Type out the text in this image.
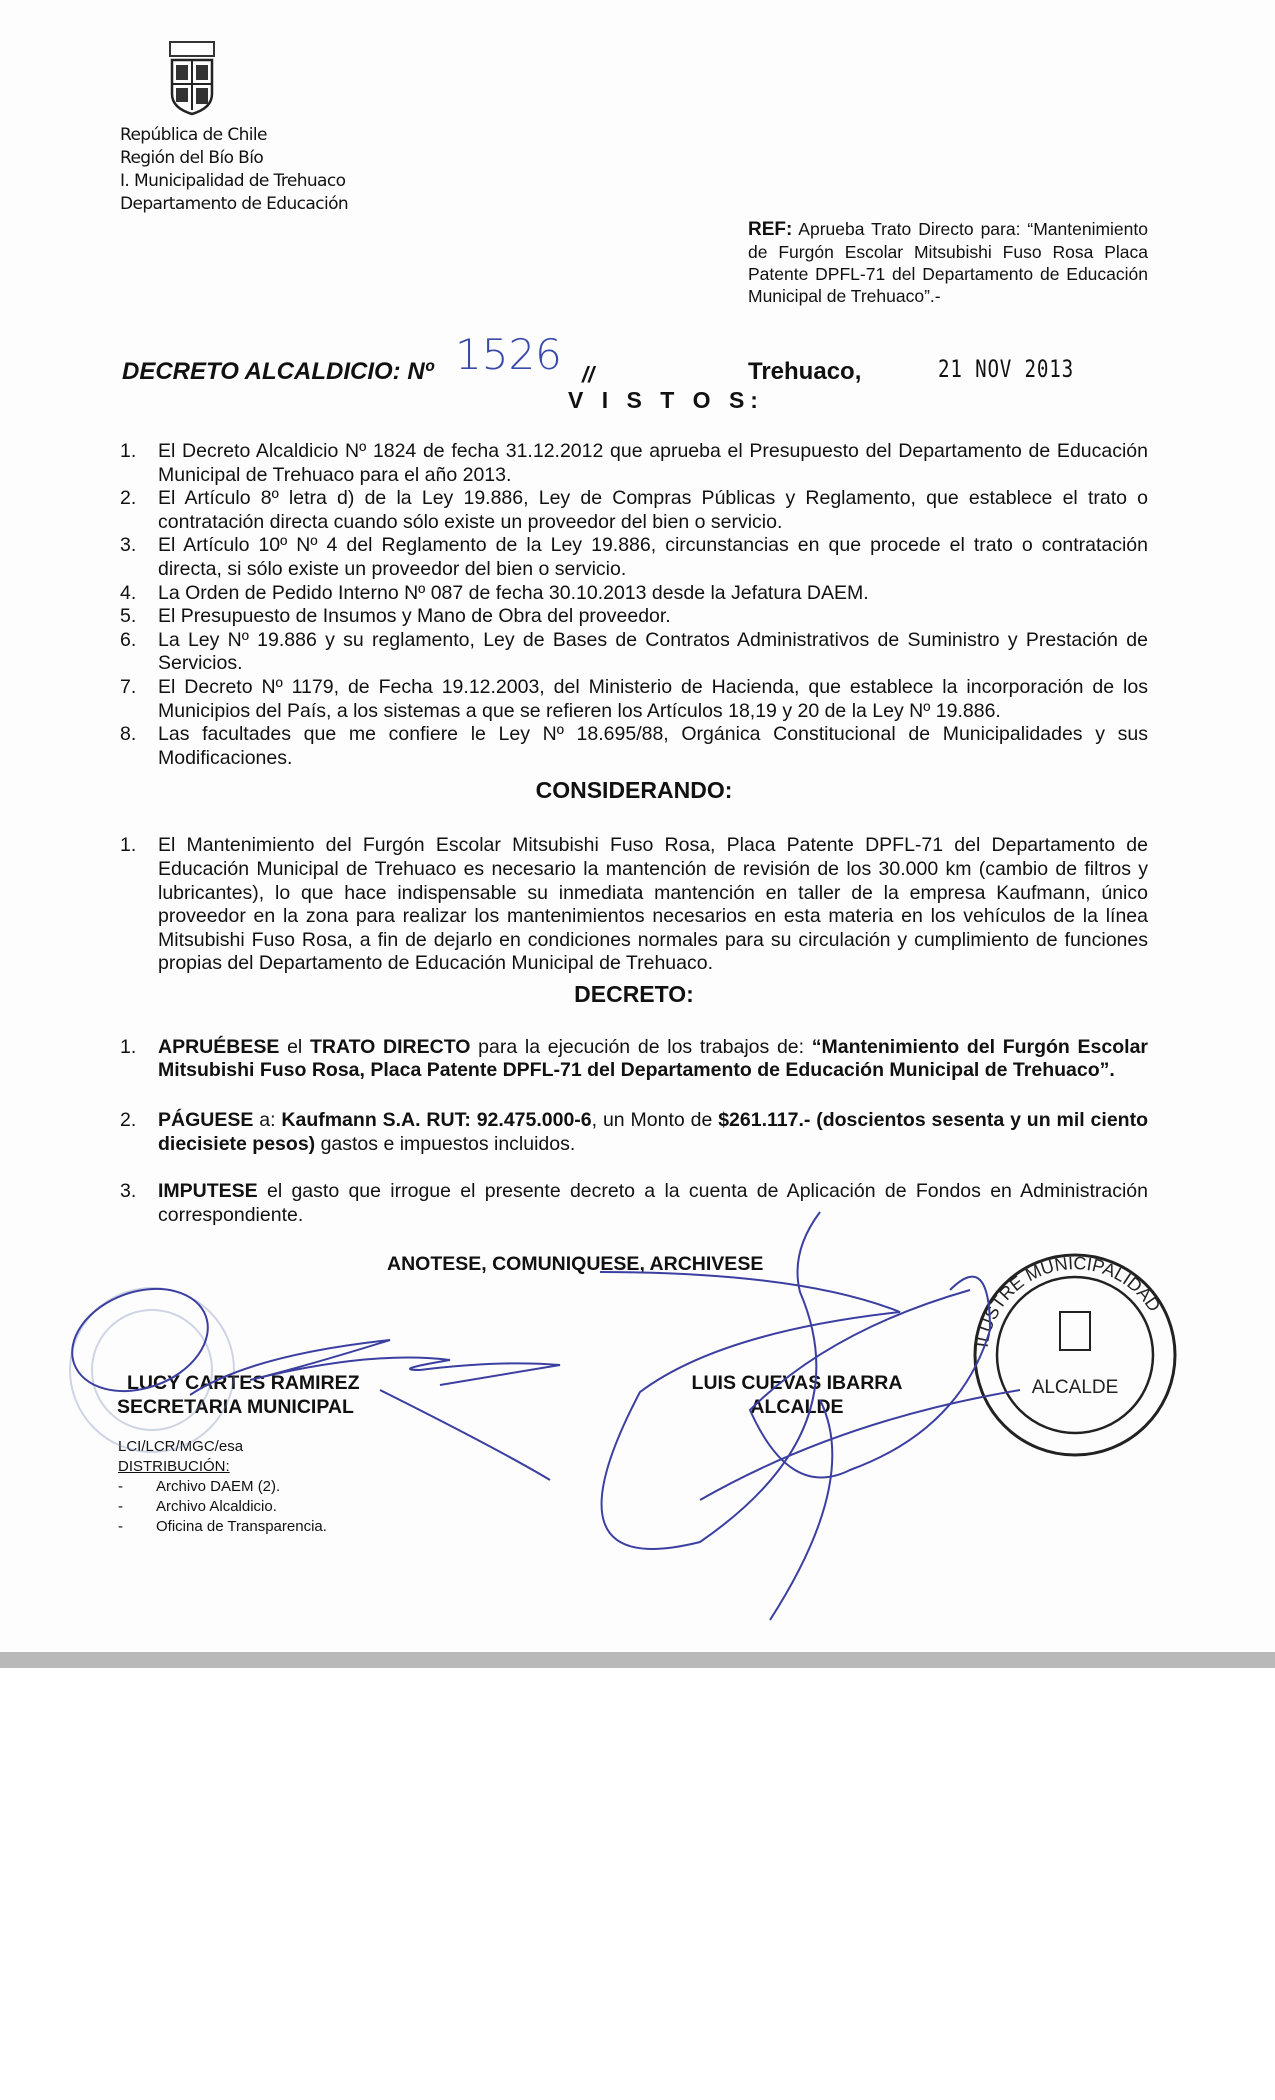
República de Chile
Región del Bío Bío
I. Municipalidad de Trehuaco
Departamento de Educación
REF: Aprueba Trato Directo para: “Mantenimiento de Furgón Escolar Mitsubishi Fuso Rosa Placa Patente DPFL-71 del Departamento de Educación Municipal de Trehuaco”.-
DECRETO ALCALDICIO: Nº 1526 //	Trehuaco,	21 NOV 2013
V I S T O S:
1. El Decreto Alcaldicio Nº 1824 de fecha 31.12.2012 que aprueba el Presupuesto del Departamento de Educación Municipal de Trehuaco para el año 2013.
2. El Artículo 8º letra d) de la Ley 19.886, Ley de Compras Públicas y Reglamento, que establece el trato o contratación directa cuando sólo existe un proveedor del bien o servicio.
3. El Artículo 10º Nº 4 del Reglamento de la Ley 19.886, circunstancias en que procede el trato o contratación directa, si sólo existe un proveedor del bien o servicio.
4. La Orden de Pedido Interno Nº 087 de fecha 30.10.2013 desde la Jefatura DAEM.
5. El Presupuesto de Insumos y Mano de Obra del proveedor.
6. La Ley Nº 19.886 y su reglamento, Ley de Bases de Contratos Administrativos de Suministro y Prestación de Servicios.
7. El Decreto Nº 1179, de Fecha 19.12.2003, del Ministerio de Hacienda, que establece la incorporación de los Municipios del País, a los sistemas a que se refieren los Artículos 18,19 y 20 de la Ley Nº 19.886.
8. Las facultades que me confiere le Ley Nº 18.695/88, Orgánica Constitucional de Municipalidades y sus Modificaciones.
CONSIDERANDO:
1. El Mantenimiento del Furgón Escolar Mitsubishi Fuso Rosa, Placa Patente DPFL-71 del Departamento de Educación Municipal de Trehuaco es necesario la mantención de revisión de los 30.000 km (cambio de filtros y lubricantes), lo que hace indispensable su inmediata mantención en taller de la empresa Kaufmann, único proveedor en la zona para realizar los mantenimientos necesarios en esta materia en los vehículos de la línea Mitsubishi Fuso Rosa, a fin de dejarlo en condiciones normales para su circulación y cumplimiento de funciones propias del Departamento de Educación Municipal de Trehuaco.
DECRETO:
1. APRUÉBESE el TRATO DIRECTO para la ejecución de los trabajos de: “Mantenimiento del Furgón Escolar Mitsubishi Fuso Rosa, Placa Patente DPFL-71 del Departamento de Educación Municipal de Trehuaco”.
2. PÁGUESE a: Kaufmann S.A. RUT: 92.475.000-6, un Monto de $261.117.- (doscientos sesenta y un mil ciento diecisiete pesos) gastos e impuestos incluidos.
3. IMPUTESE el gasto que irrogue el presente decreto a la cuenta de Aplicación de Fondos en Administración correspondiente.
ANOTESE, COMUNIQUESE, ARCHIVESE
LUCY CARTES RAMIREZ
SECRETARIA MUNICIPAL
LUIS CUEVAS IBARRA
ALCALDE
LCI/LCR/MGC/esa
DISTRIBUCIÓN:
- Archivo DAEM (2).
- Archivo Alcaldicio.
- Oficina de Transparencia.
ALCALDE
ILUSTRE MUNICIPALIDAD
